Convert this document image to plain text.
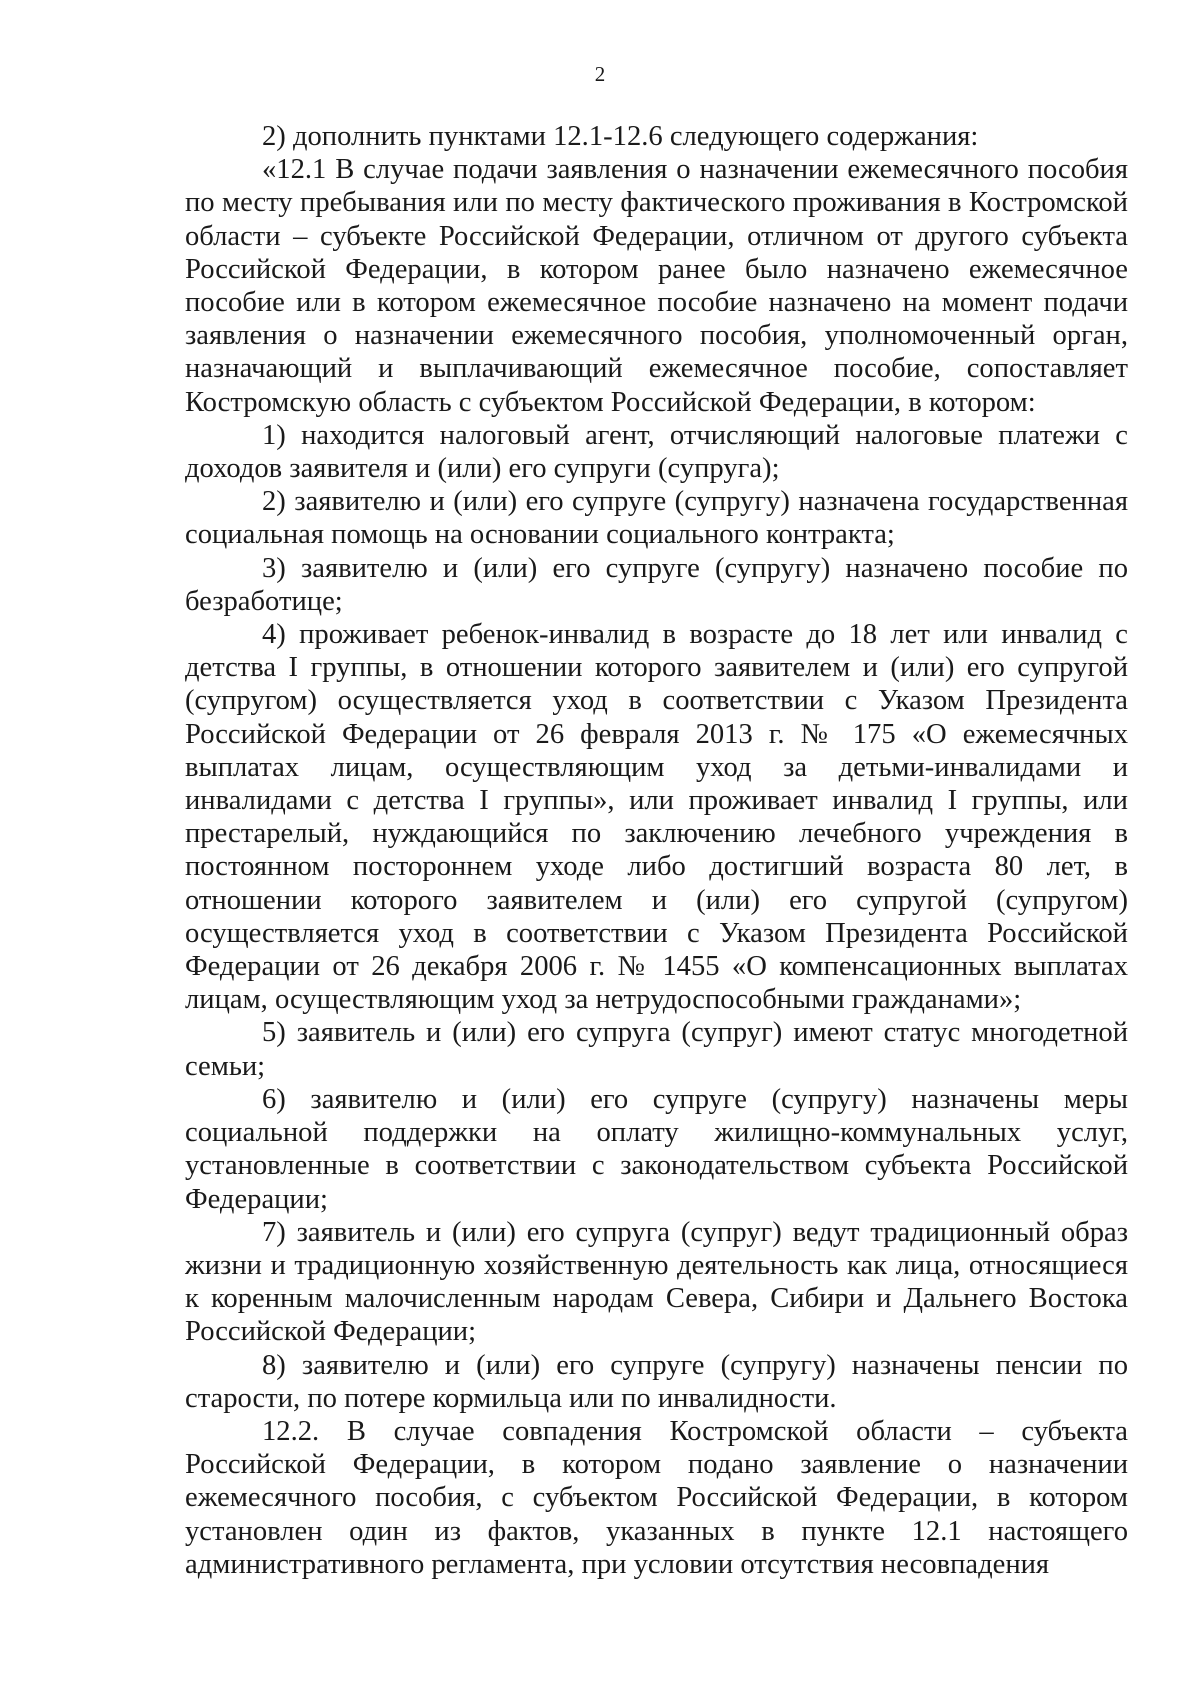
2

2) дополнить пунктами 12.1-12.6 следующего содержания:

«12.1 В случае подачи заявления о назначении ежемесячного пособия по месту пребывания или по месту фактического проживания в Костромской области – субъекте Российской Федерации, отличном от другого субъекта Российской Федерации, в котором ранее было назначено ежемесячное пособие или в котором ежемесячное пособие назначено на момент подачи заявления о назначении ежемесячного пособия, уполномоченный орган, назначающий и выплачивающий ежемесячное пособие, сопоставляет Костромскую область с субъектом Российской Федерации, в котором:

1) находится налоговый агент, отчисляющий налоговые платежи с доходов заявителя и (или) его супруги (супруга);

2) заявителю и (или) его супруге (супругу) назначена государственная социальная помощь на основании социального контракта;

3) заявителю и (или) его супруге (супругу) назначено пособие по безработице;

4) проживает ребенок-инвалид в возрасте до 18 лет или инвалид с детства I группы, в отношении которого заявителем и (или) его супругой (супругом) осуществляется уход в соответствии с Указом Президента Российской Федерации от 26 февраля 2013 г. № 175 «О ежемесячных выплатах лицам, осуществляющим уход за детьми-инвалидами и инвалидами с детства I группы», или проживает инвалид I группы, или престарелый, нуждающийся по заключению лечебного учреждения в постоянном постороннем уходе либо достигший возраста 80 лет, в отношении которого заявителем и (или) его супругой (супругом) осуществляется уход в соответствии с Указом Президента Российской Федерации от 26 декабря 2006 г. № 1455 «О компенсационных выплатах лицам, осуществляющим уход за нетрудоспособными гражданами»;

5) заявитель и (или) его супруга (супруг) имеют статус многодетной семьи;

6) заявителю и (или) его супруге (супругу) назначены меры социальной поддержки на оплату жилищно-коммунальных услуг, установленные в соответствии с законодательством субъекта Российской Федерации;

7) заявитель и (или) его супруга (супруг) ведут традиционный образ жизни и традиционную хозяйственную деятельность как лица, относящиеся к коренным малочисленным народам Севера, Сибири и Дальнего Востока Российской Федерации;

8) заявителю и (или) его супруге (супругу) назначены пенсии по старости, по потере кормильца или по инвалидности.

12.2. В случае совпадения Костромской области – субъекта Российской Федерации, в котором подано заявление о назначении ежемесячного пособия, с субъектом Российской Федерации, в котором установлен один из фактов, указанных в пункте 12.1 настоящего административного регламента, при условии отсутствия несовпадения
